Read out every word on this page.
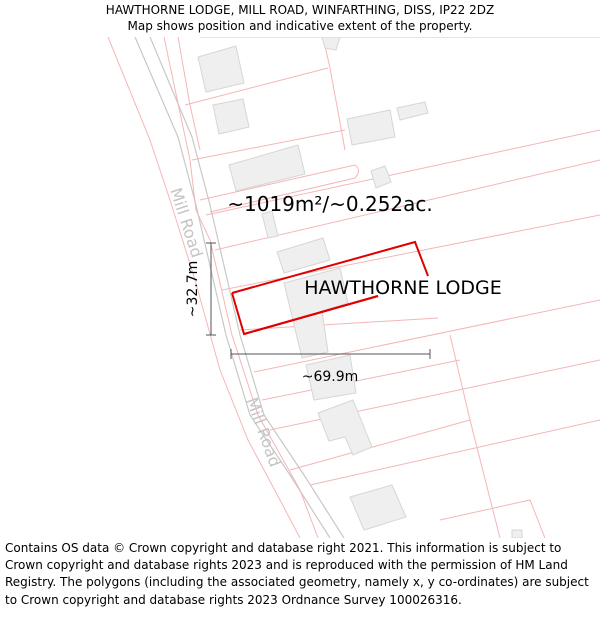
HAWTHORNE LODGE, MILL ROAD, WINFARTHING, DISS, IP22 2DZ
Map shows position and indicative extent of the property.
Mill Road
Mill Road
~32.7m
~69.9m
~1019m²/~0.252ac.
HAWTHORNE LODGE
Contains OS data © Crown copyright and database right 2021. This information is subject to Crown copyright and database rights 2023 and is reproduced with the permission of HM Land Registry. The polygons (including the associated geometry, namely x, y co-ordinates) are subject to Crown copyright and database rights 2023 Ordnance Survey 100026316.
